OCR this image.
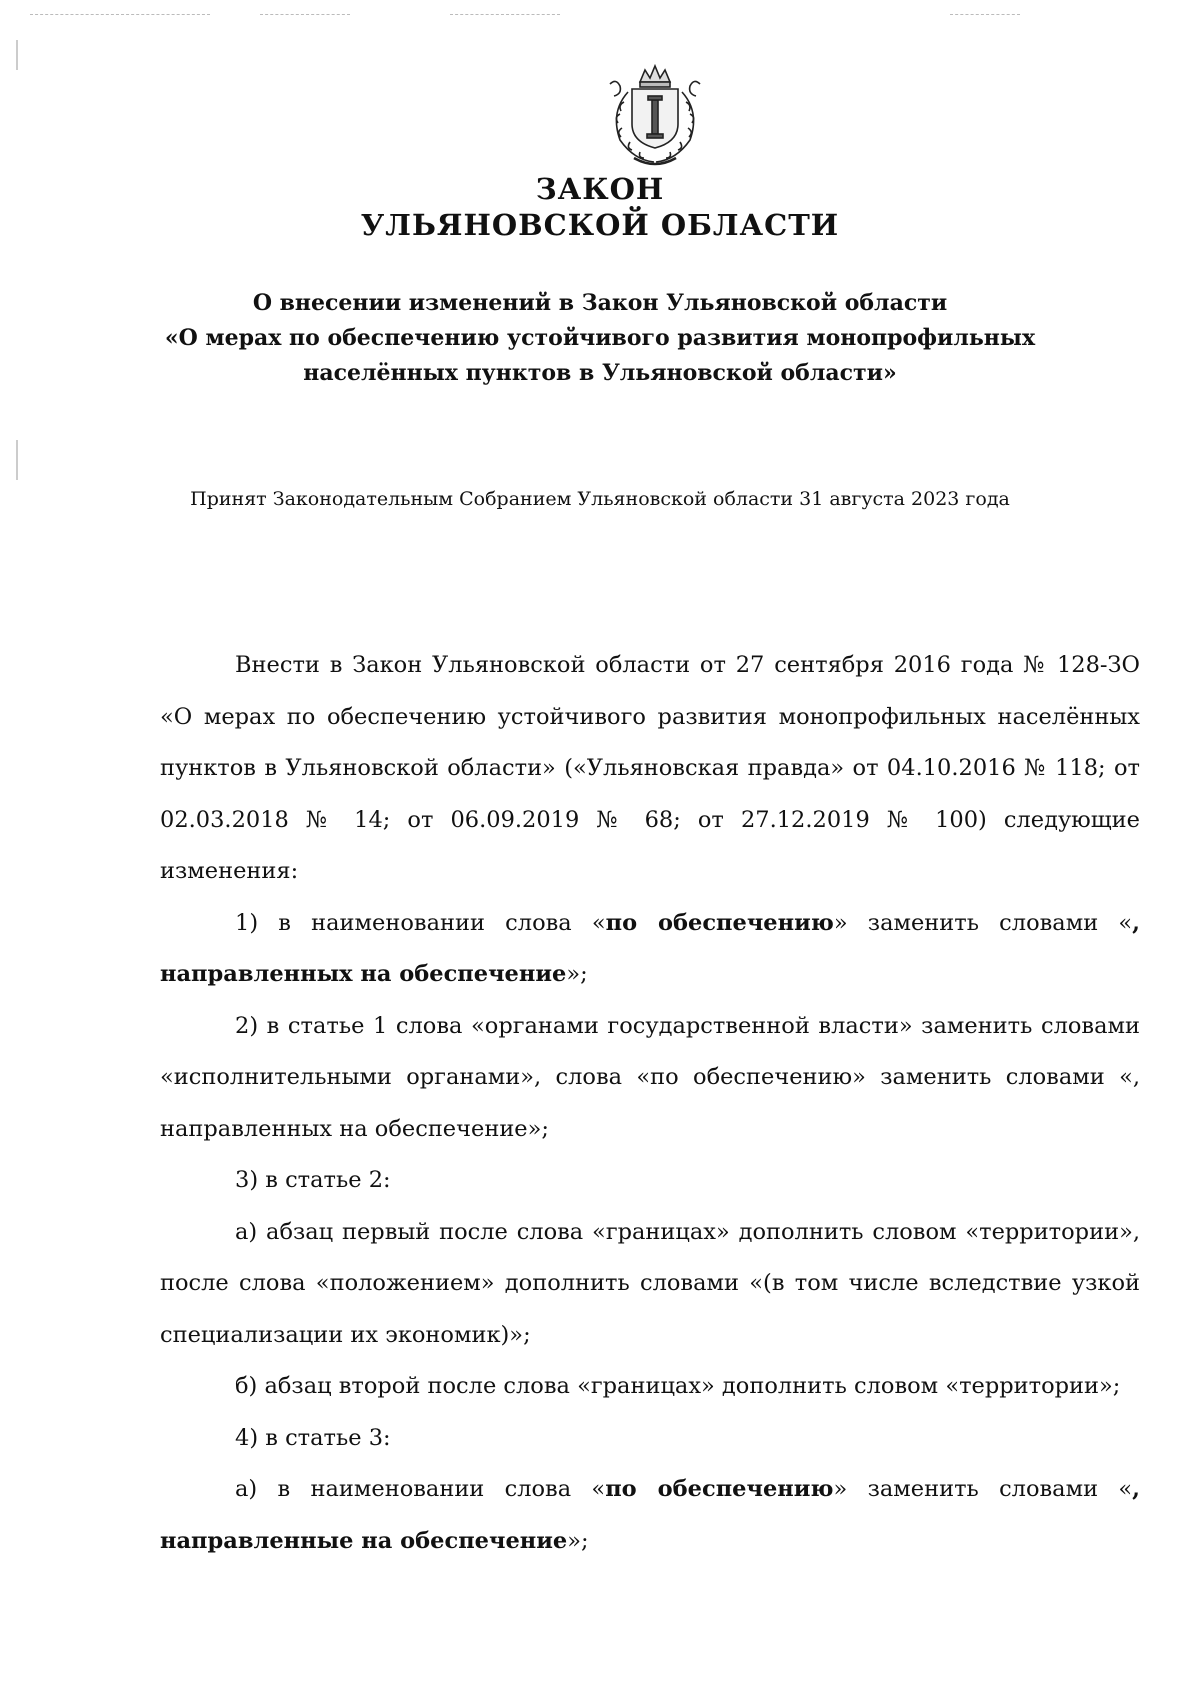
ЗАКОН
УЛЬЯНОВСКОЙ ОБЛАСТИ
О внесении изменений в Закон Ульяновской области
«О мерах по обеспечению устойчивого развития монопрофильных
населённых пунктов в Ульяновской области»
Принят Законодательным Собранием Ульяновской области 31 августа 2023 года

Внести в Закон Ульяновской области от 27 сентября 2016 года № 128-ЗО «О мерах по обеспечению устойчивого развития монопрофильных населённых пунктов в Ульяновской области» («Ульяновская правда» от 04.10.2016 № 118; от 02.03.2018 № 14; от 06.09.2019 № 68; от 27.12.2019 № 100) следующие изменения:

1) в наименовании слова «по обеспечению» заменить словами «, направленных на обеспечение»;

2) в статье 1 слова «органами государственной власти» заменить словами «исполнительными органами», слова «по обеспечению» заменить словами «, направленных на обеспечение»;

3) в статье 2:

а) абзац первый после слова «границах» дополнить словом «территории», после слова «положением» дополнить словами «(в том числе вследствие узкой специализации их экономик)»;

б) абзац второй после слова «границах» дополнить словом «территории»;

4) в статье 3:

а) в наименовании слова «по обеспечению» заменить словами «, направленные на обеспечение»;
